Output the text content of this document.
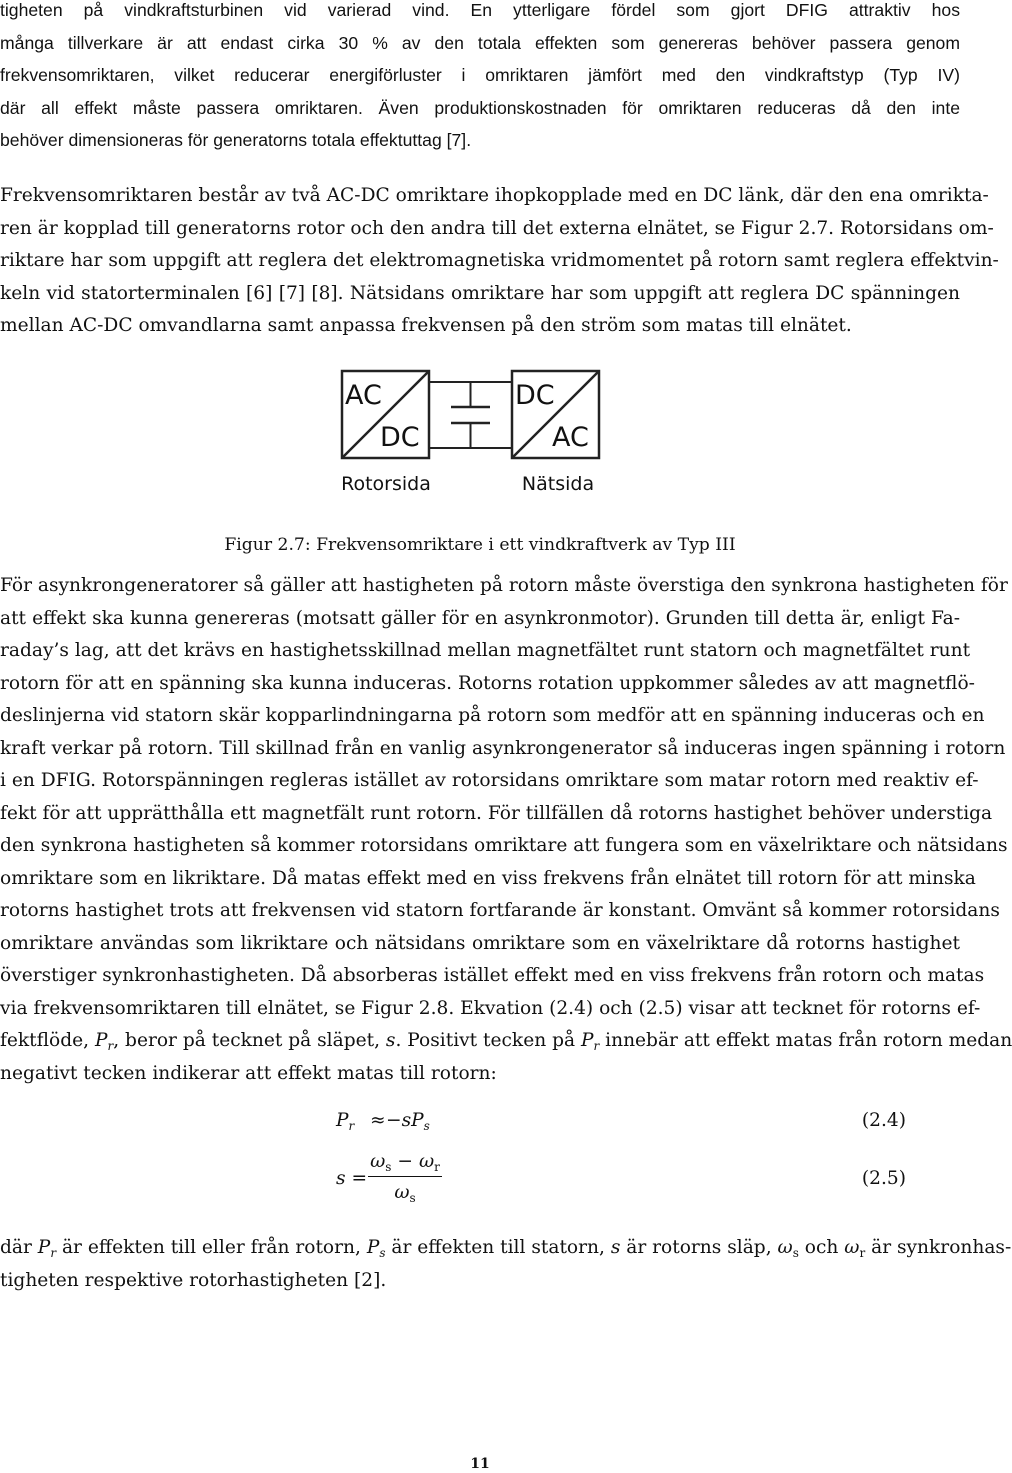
tigheten på vindkraftsturbinen vid varierad vind. En ytterligare fördel som gjort DFIG attraktiv hos
många tillverkare är att endast cirka 30 % av den totala effekten som genereras behöver passera genom
frekvensomriktaren, vilket reducerar energiförluster i omriktaren jämfört med den vindkraftstyp (Typ IV)
där all effekt måste passera omriktaren. Även produktionskostnaden för omriktaren reduceras då den inte
behöver dimensioneras för generatorns totala effektuttag [7].
Frekvensomriktaren består av två AC-DC omriktare ihopkopplade med en DC länk, där den ena omrikta-
ren är kopplad till generatorns rotor och den andra till det externa elnätet, se Figur 2.7. Rotorsidans om-
riktare har som uppgift att reglera det elektromagnetiska vridmomentet på rotorn samt reglera effektvin-
keln vid statorterminalen [6] [7] [8]. Nätsidans omriktare har som uppgift att reglera DC spänningen
mellan AC-DC omvandlarna samt anpassa frekvensen på den ström som matas till elnätet.
AC
DC
DC
AC
Rotorsida	Nätsida
Figur 2.7: Frekvensomriktare i ett vindkraftverk av Typ III
För asynkrongeneratorer så gäller att hastigheten på rotorn måste överstiga den synkrona hastigheten för
att effekt ska kunna genereras (motsatt gäller för en asynkronmotor). Grunden till detta är, enligt Fa-
raday’s lag, att det krävs en hastighetsskillnad mellan magnetfältet runt statorn och magnetfältet runt
rotorn för att en spänning ska kunna induceras. Rotorns rotation uppkommer således av att magnetflö-
deslinjerna vid statorn skär kopparlindningarna på rotorn som medför att en spänning induceras och en
kraft verkar på rotorn. Till skillnad från en vanlig asynkrongenerator så induceras ingen spänning i rotorn
i en DFIG. Rotorspänningen regleras istället av rotorsidans omriktare som matar rotorn med reaktiv ef-
fekt för att upprätthålla ett magnetfält runt rotorn. För tillfällen då rotorns hastighet behöver understiga
den synkrona hastigheten så kommer rotorsidans omriktare att fungera som en växelriktare och nätsidans
omriktare som en likriktare. Då matas effekt med en viss frekvens från elnätet till rotorn för att minska
rotorns hastighet trots att frekvensen vid statorn fortfarande är konstant. Omvänt så kommer rotorsidans
omriktare användas som likriktare och nätsidans omriktare som en växelriktare då rotorns hastighet
överstiger synkronhastigheten. Då absorberas istället effekt med en viss frekvens från rotorn och matas
via frekvensomriktaren till elnätet, se Figur 2.8. Ekvation (2.4) och (2.5) visar att tecknet för rotorns ef-
fektflöde, $P_r$, beror på tecknet på släpet, s. Positivt tecken på $P_r$ innebär att effekt matas från rotorn medan
negativt tecken indikerar att effekt matas till rotorn:
$P_r \approx -sP_s$	(2.4)
s =
$\omega_s - \omega_r$
$\omega_s$
(2.5)
där $P_r$ är effekten till eller från rotorn, $P_s$ är effekten till statorn, s är rotorns släp, $\omega_s$ och $\omega_r$ är synkronhas-
tigheten respektive rotorhastigheten [2].
11
